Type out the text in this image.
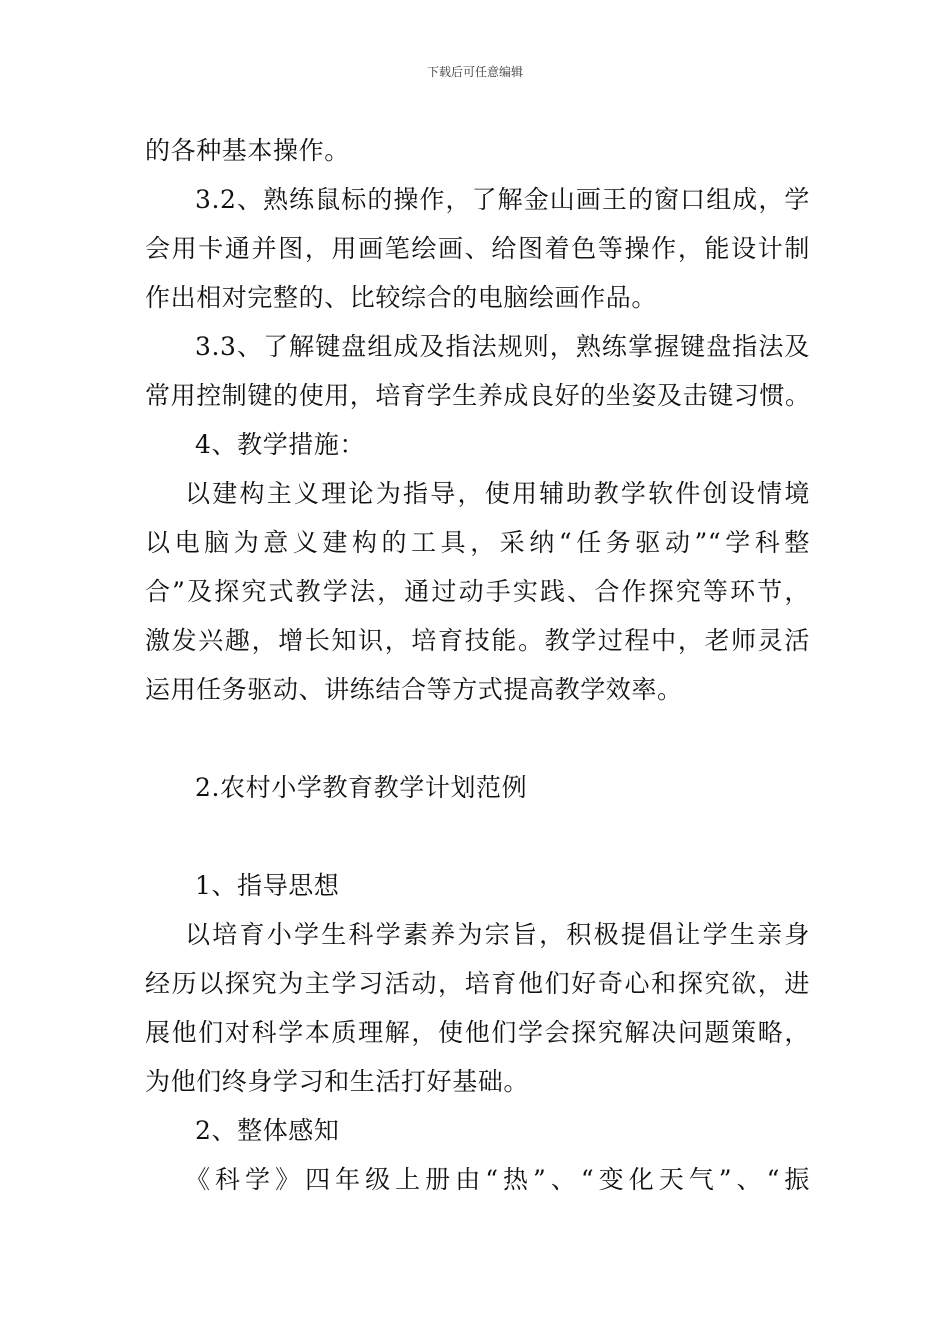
下载后可任意编辑
的各种基本操作。
3.2、熟练鼠标的操作，了解金山画王的窗口组成，学
会用卡通并图，用画笔绘画、给图着色等操作，能设计制
作出相对完整的、比较综合的电脑绘画作品。
3.3、了解键盘组成及指法规则，熟练掌握键盘指法及
常用控制键的使用，培育学生养成良好的坐姿及击键习惯。
4、教学措施：
以建构主义理论为指导，使用辅助教学软件创设情境
以电脑为意义建构的工具，采纳“任务驱动”“学科整
合”及探究式教学法，通过动手实践、合作探究等环节，
激发兴趣，增长知识，培育技能。教学过程中，老师灵活
运用任务驱动、讲练结合等方式提高教学效率。
2.农村小学教育教学计划范例
1、指导思想
以培育小学生科学素养为宗旨，积极提倡让学生亲身
经历以探究为主学习活动，培育他们好奇心和探究欲，进
展他们对科学本质理解，使他们学会探究解决问题策略，
为他们终身学习和生活打好基础。
2、整体感知
《科学》四年级上册由“热”、“变化天气”、“振
